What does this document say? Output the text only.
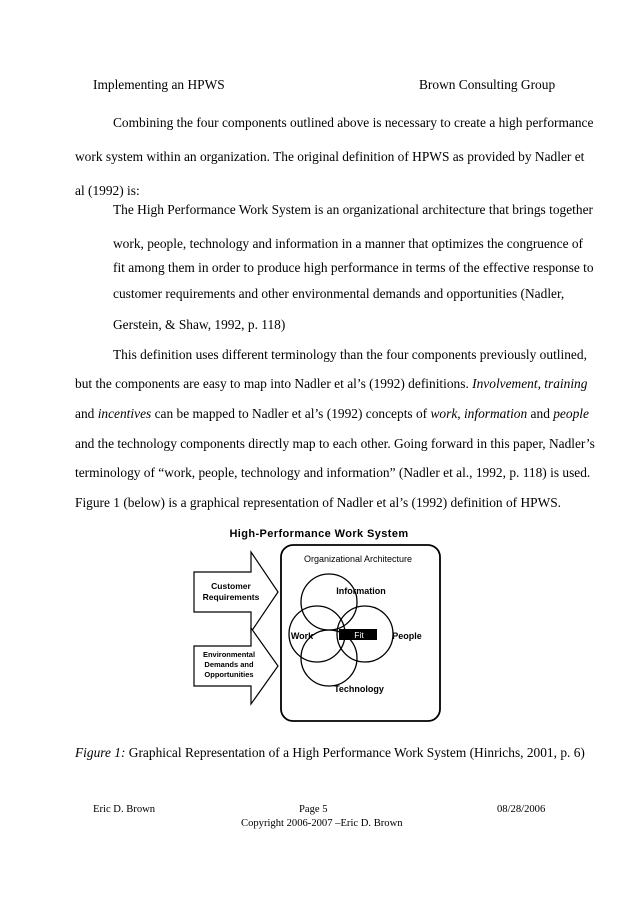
Implementing an HPWS	Brown Consulting Group
Combining the four components outlined above is necessary to create a high performance
work system within an organization. The original definition of HPWS as provided by Nadler et
al (1992) is:
The High Performance Work System is an organizational architecture that brings together
work, people, technology and information in a manner that optimizes the congruence of
fit among them in order to produce high performance in terms of the effective response to
customer requirements and other environmental demands and opportunities (Nadler,
Gerstein, & Shaw, 1992, p. 118)
This definition uses different terminology than the four components previously outlined,
but the components are easy to map into Nadler et al’s (1992) definitions. Involvement, training
and incentives can be mapped to Nadler et al’s (1992) concepts of work, information and people
and the technology components directly map to each other. Going forward in this paper, Nadler’s
terminology of “work, people, technology and information” (Nadler et al., 1992, p. 118) is used.
Figure 1 (below) is a graphical representation of Nadler et al’s (1992) definition of HPWS.
High-Performance Work System
Organizational Architecture
Customer
Requirements
Environmental
Demands and
Opportunities
Information
Work	People
Technology
Fit
Figure 1: Graphical Representation of a High Performance Work System (Hinrichs, 2001, p. 6)
Eric D. Brown	Page 5	08/28/2006
Copyright 2006-2007 –Eric D. Brown
